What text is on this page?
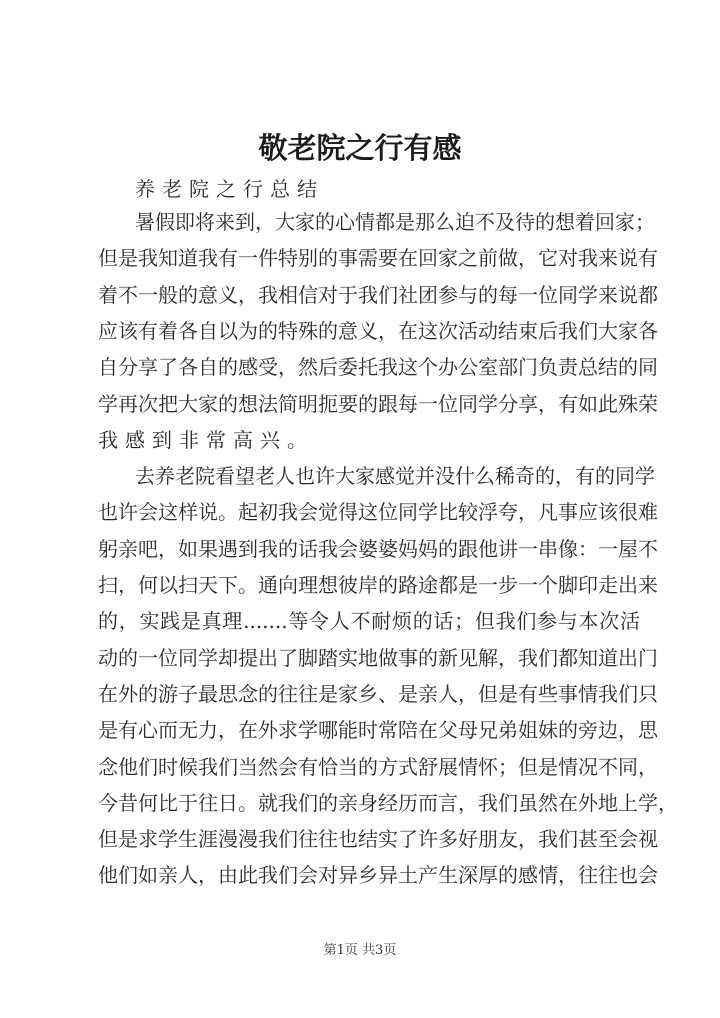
敬老院之行有感
养老院之行总结
暑假即将来到，大家的心情都是那么迫不及待的想着回家；
但是我知道我有一件特别的事需要在回家之前做，它对我来说有
着不一般的意义，我相信对于我们社团参与的每一位同学来说都
应该有着各自以为的特殊的意义，在这次活动结束后我们大家各
自分享了各自的感受，然后委托我这个办公室部门负责总结的同
学再次把大家的想法简明扼要的跟每一位同学分享，有如此殊荣
我感到非常高兴。
去养老院看望老人也许大家感觉并没什么稀奇的，有的同学
也许会这样说。起初我会觉得这位同学比较浮夸，凡事应该很难
躬亲吧，如果遇到我的话我会婆婆妈妈的跟他讲一串像：一屋不
扫，何以扫天下。通向理想彼岸的路途都是一步一个脚印走出来
的，实践是真理.......等令人不耐烦的话；但我们参与本次活
动的一位同学却提出了脚踏实地做事的新见解，我们都知道出门
在外的游子最思念的往往是家乡、是亲人，但是有些事情我们只
是有心而无力，在外求学哪能时常陪在父母兄弟姐妹的旁边，思
念他们时候我们当然会有恰当的方式舒展情怀；但是情况不同，
今昔何比于往日。就我们的亲身经历而言，我们虽然在外地上学，
但是求学生涯漫漫我们往往也结实了许多好朋友，我们甚至会视
他们如亲人，由此我们会对异乡异土产生深厚的感情，往往也会
第1页 共3页
